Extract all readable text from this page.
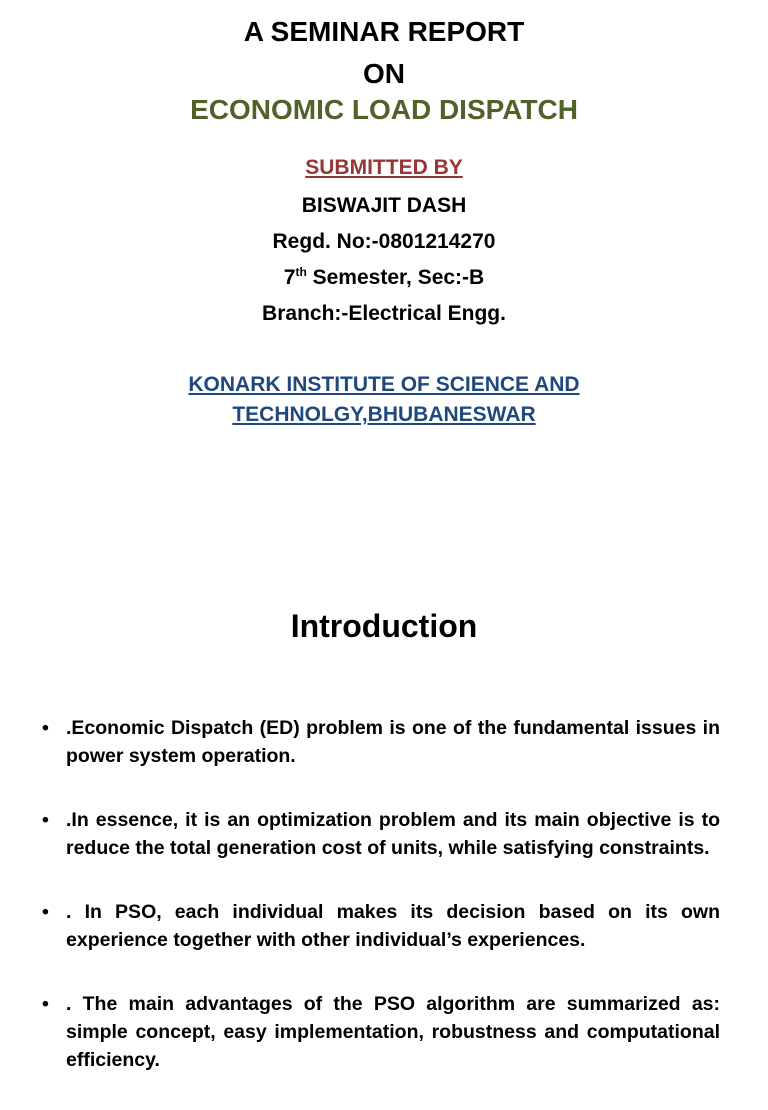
A SEMINAR REPORT
ON
ECONOMIC LOAD DISPATCH
SUBMITTED BY
BISWAJIT DASH
Regd. No:-0801214270
7th Semester, Sec:-B
Branch:-Electrical Engg.
KONARK INSTITUTE OF SCIENCE AND
TECHNOLGY,BHUBANESWAR
Introduction
• .Economic Dispatch (ED) problem is one of the fundamental issues in power system operation.
• .In essence, it is an optimization problem and its main objective is to reduce the total generation cost of units, while satisfying constraints.
• . In PSO, each individual makes its decision based on its own experience together with other individual’s experiences.
• . The main advantages of the PSO algorithm are summarized as: simple concept, easy implementation, robustness and computational efficiency.
